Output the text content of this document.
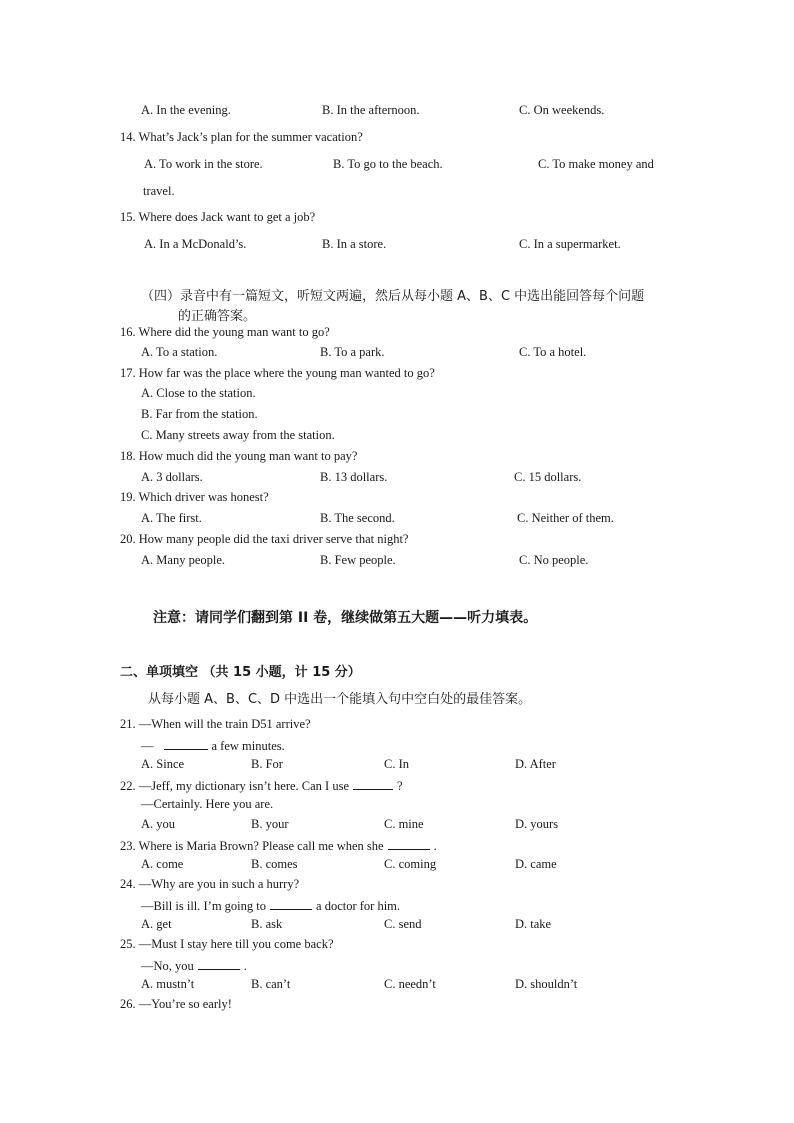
A. In the evening.	B. In the afternoon.	C. On weekends.
14. What’s Jack’s plan for the summer vacation?
A. To work in the store.	B. To go to the beach.	C. To make money and
travel.
15. Where does Jack want to get a job?
A. In a McDonald’s.	B. In a store.	C. In a supermarket.
（四）录音中有一篇短文，听短文两遍，然后从每小题 A、B、C 中选出能回答每个问题
的正确答案。
16. Where did the young man want to go?
A. To a station.	B. To a park.	C. To a hotel.
17. How far was the place where the young man wanted to go?
A. Close to the station.
B. Far from the station.
C. Many streets away from the station.
18. How much did the young man want to pay?
A. 3 dollars.	B. 13 dollars.	C. 15 dollars.
19. Which driver was honest?
A. The first.	B. The second.	C. Neither of them.
20. How many people did the taxi driver serve that night?
A. Many people.	B. Few people.	C. No people.
注意：请同学们翻到第 II 卷，继续做第五大题——听力填表。
二、单项填空 （共 15 小题，计 15 分）
从每小题 A、B、C、D 中选出一个能填入句中空白处的最佳答案。
21. —When will the train D51 arrive?
—	a few minutes.
A. Since	B. For	C. In	D. After
22. —Jeff, my dictionary isn’t here. Can I use	?
—Certainly. Here you are.
A. you	B. your	C. mine	D. yours
23. Where is Maria Brown? Please call me when she	.
A. come	B. comes	C. coming	D. came
24. —Why are you in such a hurry?
—Bill is ill. I’m going to	a doctor for him.
A. get	B. ask	C. send	D. take
25. —Must I stay here till you come back?
—No, you	.
A. mustn’t	B. can’t	C. needn’t	D. shouldn’t
26. —You’re so early!
